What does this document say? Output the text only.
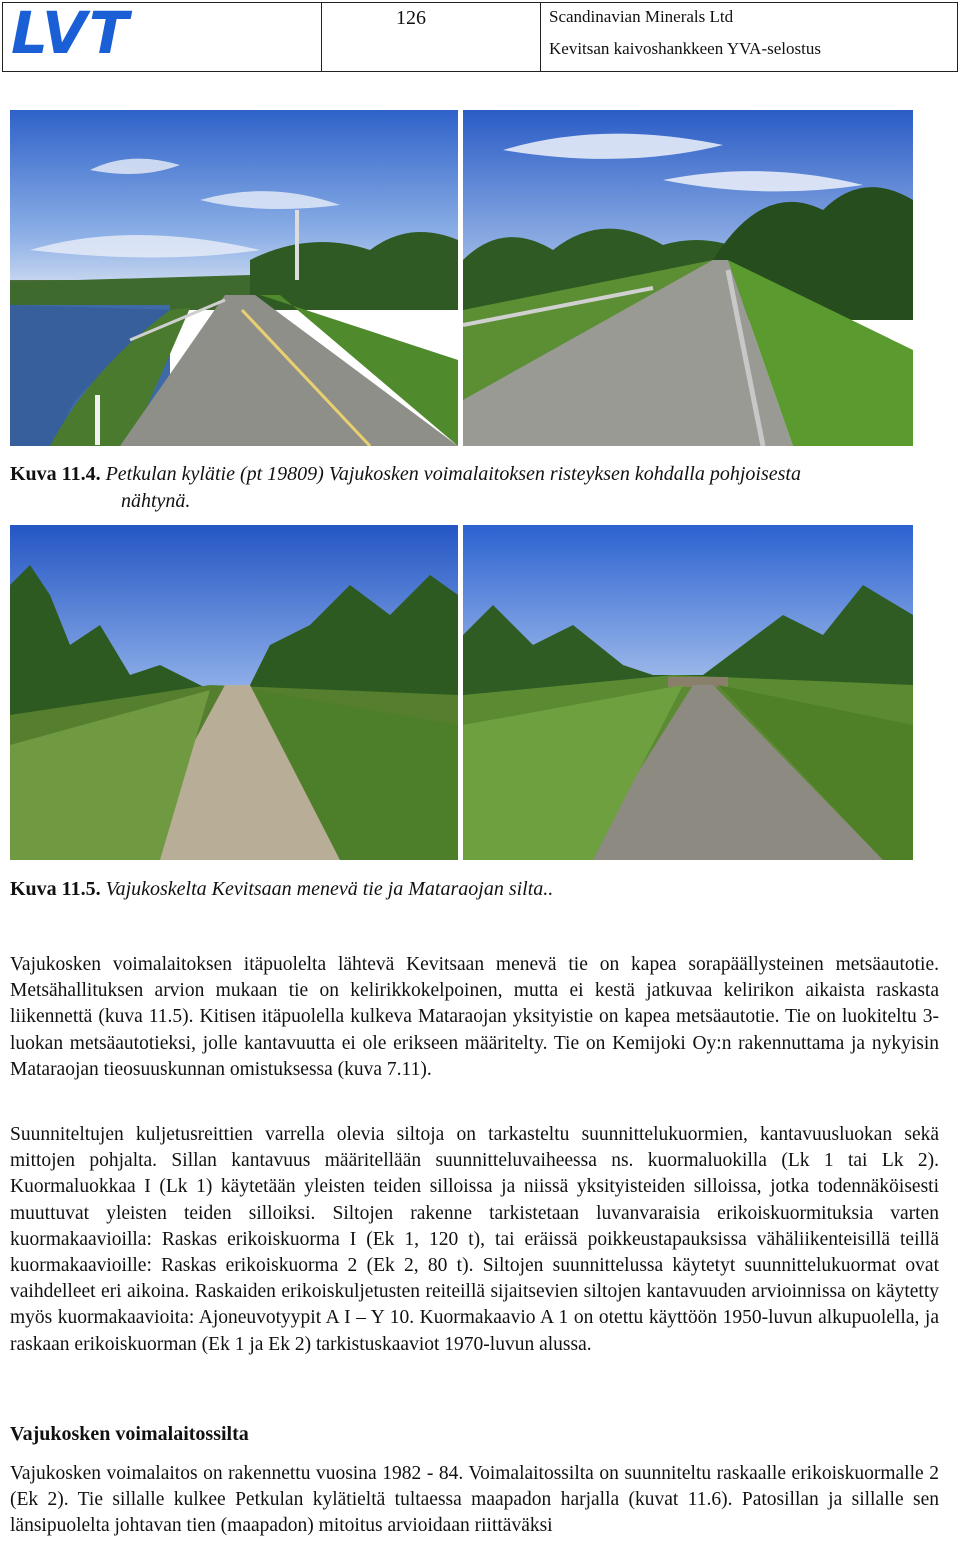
LVT	126	Scandinavian Minerals Ltd
Kevitsan kaivoshankkeen YVA-selostus
Kuva 11.4. Petkulan kylätie (pt 19809) Vajukosken voimalaitoksen risteyksen kohdalla pohjoisesta
nähtynä.
Kuva 11.5. Vajukoskelta Kevitsaan menevä tie ja Mataraojan silta..

Vajukosken voimalaitoksen itäpuolelta lähtevä Kevitsaan menevä tie on kapea sorapäällysteinen metsäautotie. Metsähallituksen arvion mukaan tie on kelirikkokelpoinen, mutta ei kestä jatkuvaa kelirikon aikaista raskasta liikennettä (kuva 11.5). Kitisen itäpuolella kulkeva Mataraojan yksityistie on kapea metsäautotie. Tie on luokiteltu 3- luokan metsäautotieksi, jolle kantavuutta ei ole erikseen määritelty. Tie on Kemijoki Oy:n rakennuttama ja nykyisin Mataraojan tieosuuskunnan omistuksessa (kuva 7.11).

Suunniteltujen kuljetusreittien varrella olevia siltoja on tarkasteltu suunnittelukuormien, kantavuusluokan sekä mittojen pohjalta. Sillan kantavuus määritellään suunnitteluvaiheessa ns. kuormaluokilla (Lk 1 tai Lk 2). Kuormaluokkaa I (Lk 1) käytetään yleisten teiden silloissa ja niissä yksityisteiden silloissa, jotka todennäköisesti muuttuvat yleisten teiden silloiksi. Siltojen rakenne tarkistetaan luvanvaraisia erikoiskuormituksia varten kuormakaavioilla: Raskas erikoiskuorma I (Ek 1, 120 t), tai eräissä poikkeustapauksissa vähäliikenteisillä teillä kuormakaavioille: Raskas erikoiskuorma 2 (Ek 2, 80 t). Siltojen suunnittelussa käytetyt suunnittelukuormat ovat vaihdelleet eri aikoina. Raskaiden erikoiskuljetusten reiteillä sijaitsevien siltojen kantavuuden arvioinnissa on käytetty myös kuormakaavioita: Ajoneuvotyypit A I – Y 10. Kuormakaavio A 1 on otettu käyttöön 1950-luvun alkupuolella, ja raskaan erikoiskuorman (Ek 1 ja Ek 2) tarkistuskaaviot 1970-luvun alussa.

Vajukosken voimalaitossilta

Vajukosken voimalaitos on rakennettu vuosina 1982 - 84. Voimalaitossilta on suunniteltu raskaalle erikoiskuormalle 2 (Ek 2). Tie sillalle kulkee Petkulan kylätieltä tultaessa maapadon harjalla (kuvat 11.6). Patosillan ja sillalle sen länsipuolelta johtavan tien (maapadon) mitoitus arvioidaan riittäväksi
